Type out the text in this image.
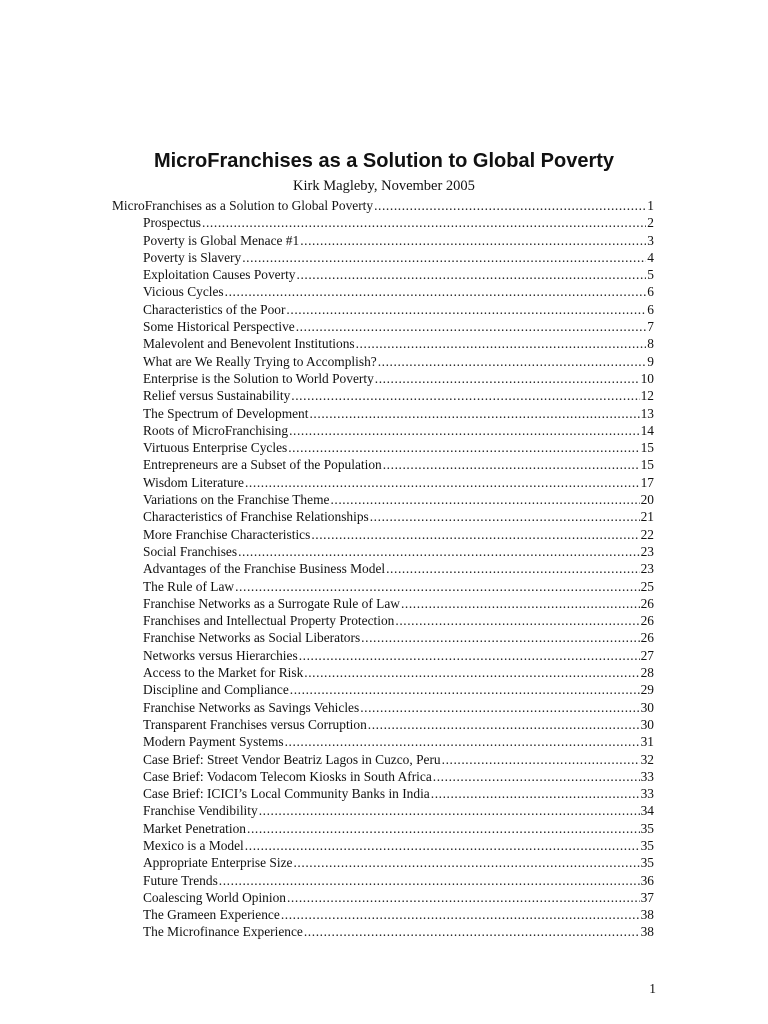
MicroFranchises as a Solution to Global Poverty
Kirk Magleby, November 2005
MicroFranchises as a Solution to Global Poverty .....	1
Prospectus .....	2
Poverty is Global Menace #1 .....	3
Poverty is Slavery .....	4
Exploitation Causes Poverty .....	5
Vicious Cycles .....	6
Characteristics of the Poor .....	6
Some Historical Perspective .....	7
Malevolent and Benevolent Institutions .....	8
What are We Really Trying to Accomplish? .....	9
Enterprise is the Solution to World Poverty .....	10
Relief versus Sustainability .....	12
The Spectrum of Development .....	13
Roots of MicroFranchising .....	14
Virtuous Enterprise Cycles .....	15
Entrepreneurs are a Subset of the Population .....	15
Wisdom Literature .....	17
Variations on the Franchise Theme .....	20
Characteristics of Franchise Relationships .....	21
More Franchise Characteristics .....	22
Social Franchises .....	23
Advantages of the Franchise Business Model .....	23
The Rule of Law .....	25
Franchise Networks as a Surrogate Rule of Law .....	26
Franchises and Intellectual Property Protection .....	26
Franchise Networks as Social Liberators .....	26
Networks versus Hierarchies .....	27
Access to the Market for Risk .....	28
Discipline and Compliance .....	29
Franchise Networks as Savings Vehicles .....	30
Transparent Franchises versus Corruption .....	30
Modern Payment Systems .....	31
Case Brief: Street Vendor Beatriz Lagos in Cuzco, Peru .....	32
Case Brief: Vodacom Telecom Kiosks in South Africa .....	33
Case Brief: ICICI’s Local Community Banks in India .....	33
Franchise Vendibility .....	34
Market Penetration .....	35
Mexico is a Model .....	35
Appropriate Enterprise Size .....	35
Future Trends .....	36
Coalescing World Opinion .....	37
The Grameen Experience .....	38
The Microfinance Experience .....	38
1
